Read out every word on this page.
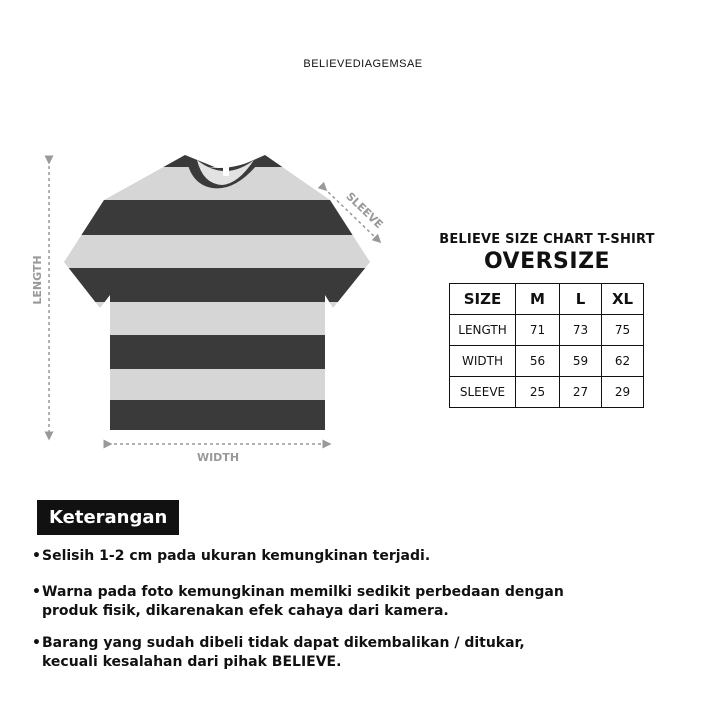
BELIEVEDIAGEMSAE
LENGTH
WIDTH
SLEEVE
BELIEVE SIZE CHART T-SHIRT
OVERSIZE
SIZE	M	L	XL
LENGTH	71	73	75
WIDTH	56	59	62
SLEEVE	25	27	29
Keterangan
•Selisih 1-2 cm pada ukuran kemungkinan terjadi.
•Warna pada foto kemungkinan memilki sedikit perbedaan dengan
produk fisik, dikarenakan efek cahaya dari kamera.
•Barang yang sudah dibeli tidak dapat dikembalikan / ditukar,
kecuali kesalahan dari pihak BELIEVE.
